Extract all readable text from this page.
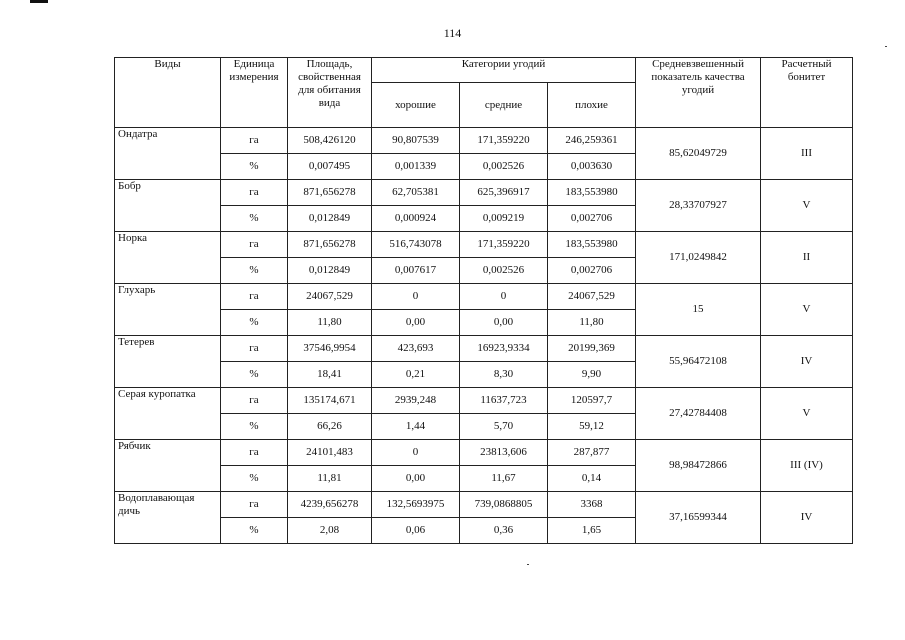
114
Виды	Единица измерения	Площадь, свойственная для обитания вида	Категории угодий			Средневзвешенный показатель качества угодий	Расчетный бонитет
			хорошие	средние	плохие		
Ондатра	га	508,426120	90,807539	171,359220	246,259361	85,62049729	III
	%	0,007495	0,001339	0,002526	0,003630		
Бобр	га	871,656278	62,705381	625,396917	183,553980	28,33707927	V
	%	0,012849	0,000924	0,009219	0,002706		
Норка	га	871,656278	516,743078	171,359220	183,553980	171,0249842	II
	%	0,012849	0,007617	0,002526	0,002706		
Глухарь	га	24067,529	0	0	24067,529	15	V
	%	11,80	0,00	0,00	11,80		
Тетерев	га	37546,9954	423,693	16923,9334	20199,369	55,96472108	IV
	%	18,41	0,21	8,30	9,90		
Серая куропатка	га	135174,671	2939,248	11637,723	120597,7	27,42784408	V
	%	66,26	1,44	5,70	59,12		
Рябчик	га	24101,483	0	23813,606	287,877	98,98472866	III (IV)
	%	11,81	0,00	11,67	0,14		
Водоплавающая дичь	га	4239,656278	132,5693975	739,0868805	3368	37,16599344	IV
	%	2,08	0,06	0,36	1,65		
